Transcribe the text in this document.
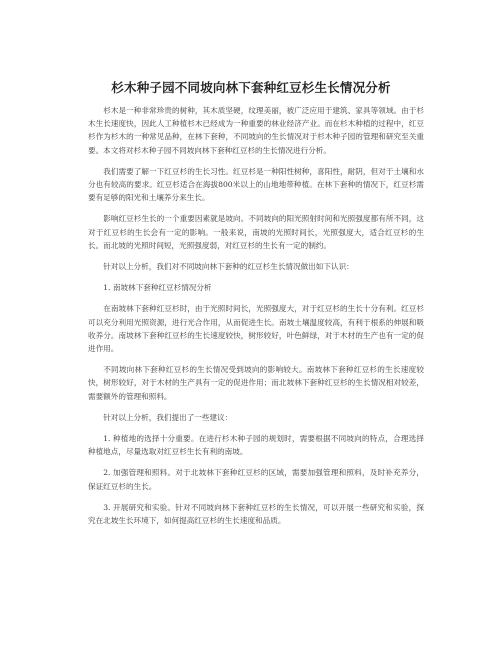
杉木种子园不同坡向林下套种红豆杉生长情况分析

杉木是一种非常珍贵的树种，其木质坚硬，纹理美丽，被广泛应用于建筑、家具等领域。由于杉木生长速度快，因此人工种植杉木已经成为一种重要的林业经济产业。而在杉木种植的过程中，红豆杉作为杉木的一种常见品种，在林下套种，不同坡向的生长情况对于杉木种子园的管理和研究至关重要。本文将对杉木种子园不同坡向林下套种红豆杉的生长情况进行分析。

我们需要了解一下红豆杉的生长习性。红豆杉是一种阳性树种，喜阳性，耐阴，但对于土壤和水分也有较高的要求。红豆杉适合在海拔800米以上的山地地带种植。在林下套种的情况下，红豆杉需要有足够的阳光和土壤养分来生长。

影响红豆杉生长的一个重要因素就是坡向。不同坡向的阳光照射时间和光照强度都有所不同，这对于红豆杉的生长会有一定的影响。一般来说，南坡的光照时间长，光照强度大，适合红豆杉的生长。而北坡的光照时间短，光照强度弱，对红豆杉的生长有一定的制约。

针对以上分析，我们对不同坡向林下套种的红豆杉生长情况做出如下认识：

1. 南坡林下套种红豆杉情况分析

在南坡林下套种红豆杉时，由于光照时间长，光照强度大，对于红豆杉的生长十分有利。红豆杉可以充分利用光照资源，进行光合作用，从而促进生长。南坡土壤温度较高，有利于根系的伸展和吸收养分。南坡林下套种红豆杉的生长速度较快，树形较好，叶色鲜绿，对于木材的生产也有一定的促进作用。

不同坡向林下套种红豆杉的生长情况受到坡向的影响较大。南坡林下套种红豆杉的生长速度较快，树形较好，对于木材的生产具有一定的促进作用；而北坡林下套种红豆杉的生长情况相对较差，需要额外的管理和照料。

针对以上分析，我们提出了一些建议：

1. 种植地的选择十分重要。在进行杉木种子园的规划时，需要根据不同坡向的特点，合理选择种植地点，尽量选取对红豆杉生长有利的南坡。

2. 加强管理和照料。对于北坡林下套种红豆杉的区域，需要加强管理和照料，及时补充养分，保证红豆杉的生长。

3. 开展研究和实验。针对不同坡向林下套种红豆杉的生长情况，可以开展一些研究和实验，探究在北坡生长环境下，如何提高红豆杉的生长速度和品质。
